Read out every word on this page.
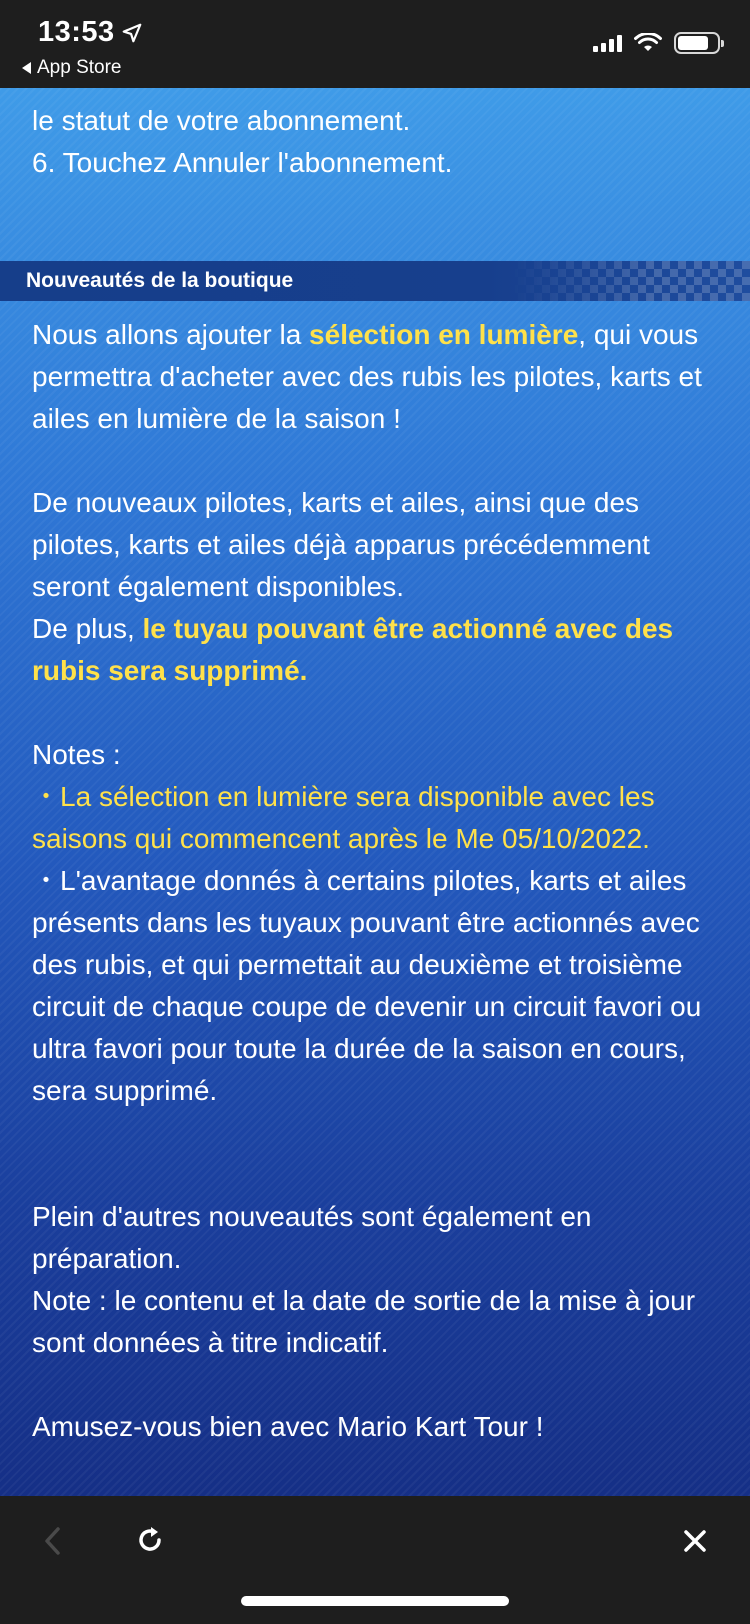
13:53
App Store
le statut de votre abonnement.
6. Touchez Annuler l'abonnement.
Nouveautés de la boutique

Nous allons ajouter la sélection en lumière, qui vous permettra d'acheter avec des rubis les pilotes, karts et ailes en lumière de la saison !

De nouveaux pilotes, karts et ailes, ainsi que des pilotes, karts et ailes déjà apparus précédemment seront également disponibles.

De plus, le tuyau pouvant être actionné avec des rubis sera supprimé.

Notes :

・La sélection en lumière sera disponible avec les saisons qui commencent après le Me 05/10/2022.

・L'avantage donnés à certains pilotes, karts et ailes présents dans les tuyaux pouvant être actionnés avec des rubis, et qui permettait au deuxième et troisième circuit de chaque coupe de devenir un circuit favori ou ultra favori pour toute la durée de la saison en cours, sera supprimé.

Plein d'autres nouveautés sont également en préparation.

Note : le contenu et la date de sortie de la mise à jour sont données à titre indicatif.

Amusez-vous bien avec Mario Kart Tour !
